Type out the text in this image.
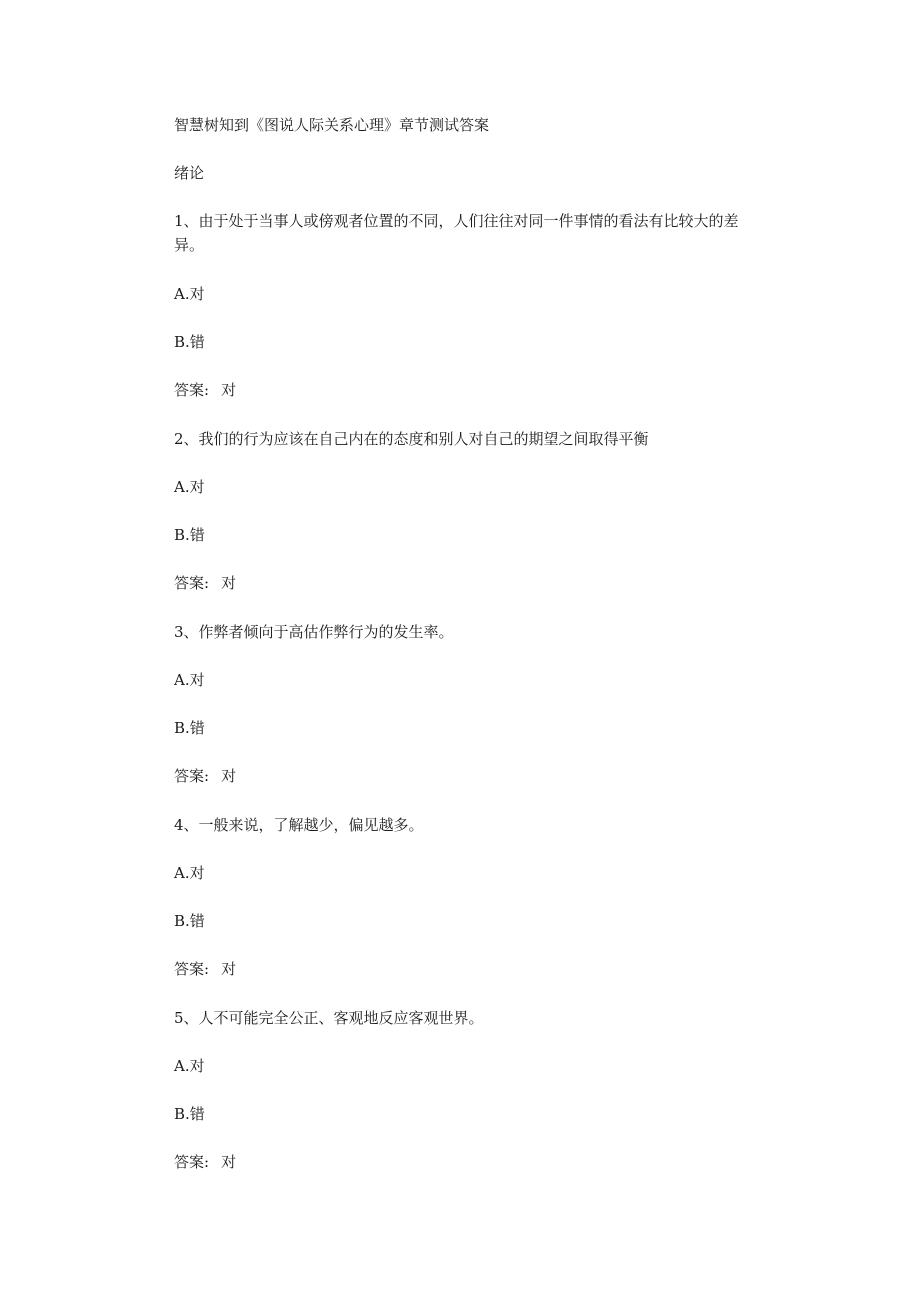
智慧树知到《图说人际关系心理》章节测试答案
绪论
1、由于处于当事人或傍观者位置的不同，人们往往对同一件事情的看法有比较大的差异。
A.对
B.错
答案: 对
2、我们的行为应该在自己内在的态度和别人对自己的期望之间取得平衡
A.对
B.错
答案: 对
3、作弊者倾向于高估作弊行为的发生率。
A.对
B.错
答案: 对
4、一般来说，了解越少，偏见越多。
A.对
B.错
答案: 对
5、人不可能完全公正、客观地反应客观世界。
A.对
B.错
答案: 对
